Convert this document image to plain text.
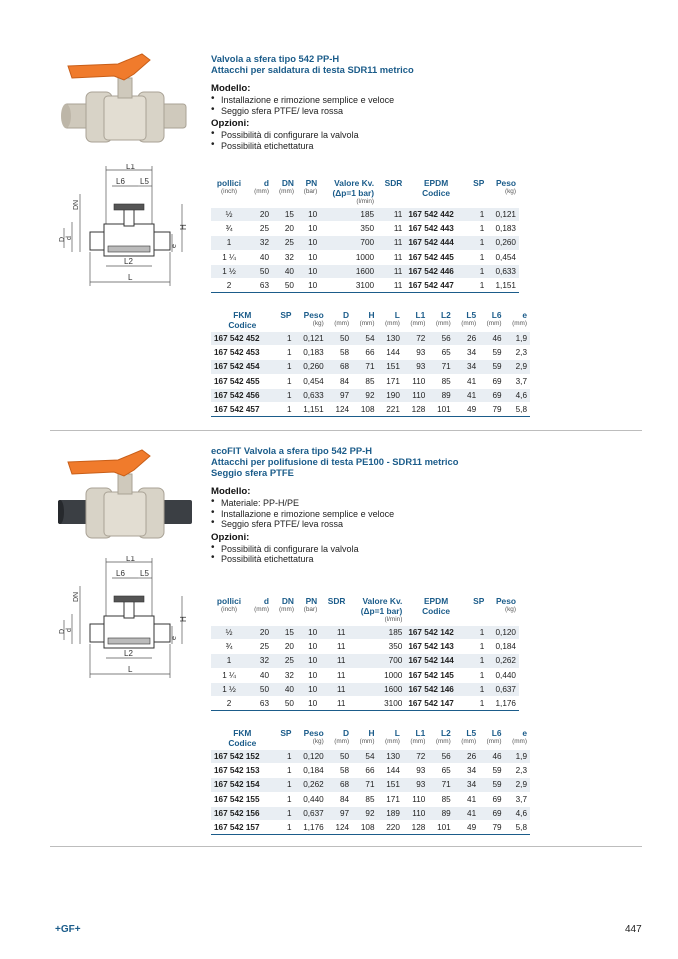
L1
L6 L5
DN
D d
H
e
L2
L
Valvola a sfera tipo 542 PP-H
Attacchi per saldatura di testa SDR11 metrico
Modello:
• Installazione e rimozione semplice e veloce
• Seggio sfera PTFE/ leva rossa
Opzioni:
• Possibilità di configurare la valvola
• Possibilità etichettatura
pollici	d	DN	PN	Valore Kv.	SDR	EPDM	SP	Peso
(inch)	(mm)	(mm)	(bar)	(Δp=1 bar)		Codice		(kg)
				(l/min)				
½	20	15	10	185	11	167 542 442	1	0,121
¾	25	20	10	350	11	167 542 443	1	0,183
1	32	25	10	700	11	167 542 444	1	0,260
1 ¼	40	32	10	1000	11	167 542 445	1	0,454
1 ½	50	40	10	1600	11	167 542 446	1	0,633
2	63	50	10	3100	11	167 542 447	1	1,151
FKM	SP	Peso	D	H	L	L1	L2	L5	L6	e
Codice		(kg)	(mm)	(mm)	(mm)	(mm)	(mm)	(mm)	(mm)	(mm)
167 542 452	1	0,121	50	54	130	72	56	26	46	1,9
167 542 453	1	0,183	58	66	144	93	65	34	59	2,3
167 542 454	1	0,260	68	71	151	93	71	34	59	2,9
167 542 455	1	0,454	84	85	171	110	85	41	69	3,7
167 542 456	1	0,633	97	92	190	110	89	41	69	4,6
167 542 457	1	1,151	124	108	221	128	101	49	79	5,8
L1
L6 L5
DN
D d
H
e
L2
L
ecoFIT Valvola a sfera tipo 542 PP-H
Attacchi per polifusione di testa PE100 - SDR11 metrico
Seggio sfera PTFE
Modello:
• Materiale: PP-H/PE
• Installazione e rimozione semplice e veloce
• Seggio sfera PTFE/ leva rossa
Opzioni:
• Possibilità di configurare la valvola
• Possibilità etichettatura
pollici	d	DN	PN	SDR	Valore Kv.	EPDM	SP	Peso
(inch)	(mm)	(mm)	(bar)		(Δp=1 bar)	Codice		(kg)
					(l/min)			
½	20	15	10	11	185	167 542 142	1	0,120
¾	25	20	10	11	350	167 542 143	1	0,184
1	32	25	10	11	700	167 542 144	1	0,262
1 ¼	40	32	10	11	1000	167 542 145	1	0,440
1 ½	50	40	10	11	1600	167 542 146	1	0,637
2	63	50	10	11	3100	167 542 147	1	1,176
FKM	SP	Peso	D	H	L	L1	L2	L5	L6	e
Codice		(kg)	(mm)	(mm)	(mm)	(mm)	(mm)	(mm)	(mm)	(mm)
167 542 152	1	0,120	50	54	130	72	56	26	46	1,9
167 542 153	1	0,184	58	66	144	93	65	34	59	2,3
167 542 154	1	0,262	68	71	151	93	71	34	59	2,9
167 542 155	1	0,440	84	85	171	110	85	41	69	3,7
167 542 156	1	0,637	97	92	189	110	89	41	69	4,6
167 542 157	1	1,176	124	108	220	128	101	49	79	5,8
+GF+	447
